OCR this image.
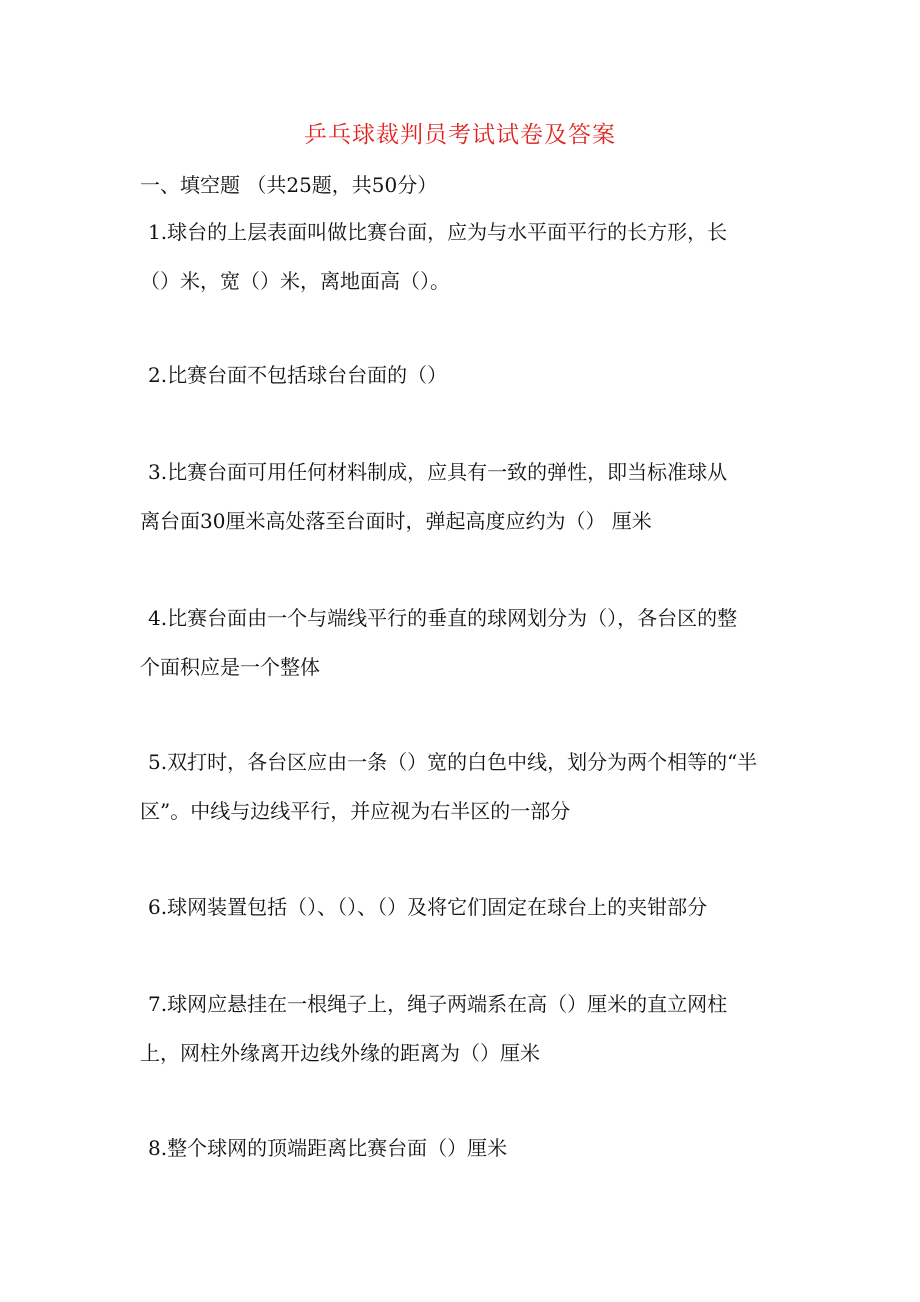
乒乓球裁判员考试试卷及答案
一、填空题 （共25题，共50分）
1.球台的上层表面叫做比赛台面，应为与水平面平行的长方形，长
（）米，宽（）米，离地面高（）。
2.比赛台面不包括球台台面的（）
3.比赛台面可用任何材料制成，应具有一致的弹性，即当标准球从
离台面30厘米高处落至台面时，弹起高度应约为（） 厘米
4.比赛台面由一个与端线平行的垂直的球网划分为（），各台区的整
个面积应是一个整体
5.双打时，各台区应由一条（）宽的白色中线，划分为两个相等的“半
区”。中线与边线平行，并应视为右半区的一部分
6.球网装置包括（）、（）、（）及将它们固定在球台上的夹钳部分
7.球网应悬挂在一根绳子上，绳子两端系在高（）厘米的直立网柱
上，网柱外缘离开边线外缘的距离为（）厘米
8.整个球网的顶端距离比赛台面（）厘米
